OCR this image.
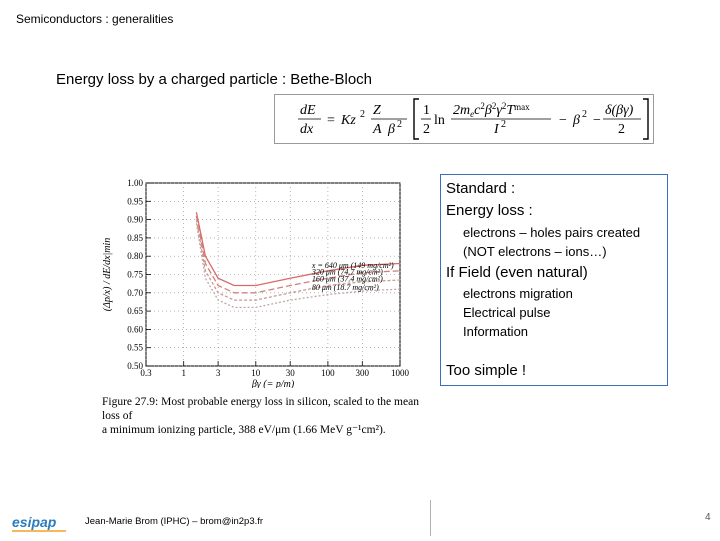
Semiconductors : generalities
Energy loss by a charged particle : Bethe-Bloch
dE
dx
= Kz 2 Z
A β 2
1
2
ln
$2m_ec^2\beta^2\gamma^2T^{max}$
I 2	− β 2 −
δ(βγ)
2
0.50
0.55
0.60
0.65
0.70
0.75
0.80
0.85
0.90
0.95
1.00
0.3	1	3	10	30	100 300 1000
βγ (= p/m)
(Δp/x) / dE/dx|min	x = 640 μm (149 mg/cm²)
320 μm (74.7 mg/cm²)
160 μm (37.4 mg/cm²)
80 μm (18.7 mg/cm²)
Figure 27.9: Most probable energy loss in silicon, scaled to the mean loss of
a minimum ionizing particle, 388 eV/μm (1.66 MeV g⁻¹cm²).
Standard :
Energy loss :
electrons – holes pairs created
(NOT electrons – ions…)
If Field (even natural)
electrons migration
Electrical pulse
Information
Too simple !
esipap	Jean-Marie Brom (IPHC) – brom@in2p3.fr	4
